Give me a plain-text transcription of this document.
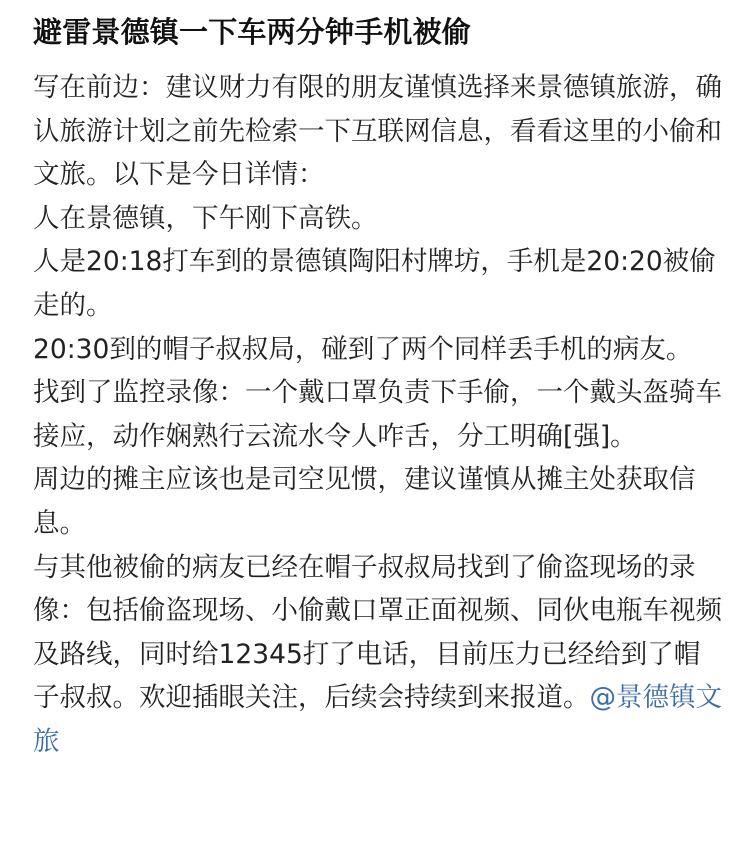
避雷景德镇一下车两分钟手机被偷

写在前边：建议财力有限的朋友谨慎选择来景德镇旅游，确认旅游计划之前先检索一下互联网信息，看看这里的小偷和文旅。以下是今日详情：

人在景德镇，下午刚下高铁。

人是20:18打车到的景德镇陶阳村牌坊，手机是20:20被偷走的。

20:30到的帽子叔叔局，碰到了两个同样丢手机的病友。

找到了监控录像：一个戴口罩负责下手偷，一个戴头盔骑车接应，动作娴熟行云流水令人咋舌，分工明确[强]。

周边的摊主应该也是司空见惯，建议谨慎从摊主处获取信息。

与其他被偷的病友已经在帽子叔叔局找到了偷盗现场的录像：包括偷盗现场、小偷戴口罩正面视频、同伙电瓶车视频及路线，同时给12345打了电话，目前压力已经给到了帽子叔叔。欢迎插眼关注，后续会持续到来报道。@景德镇文旅
